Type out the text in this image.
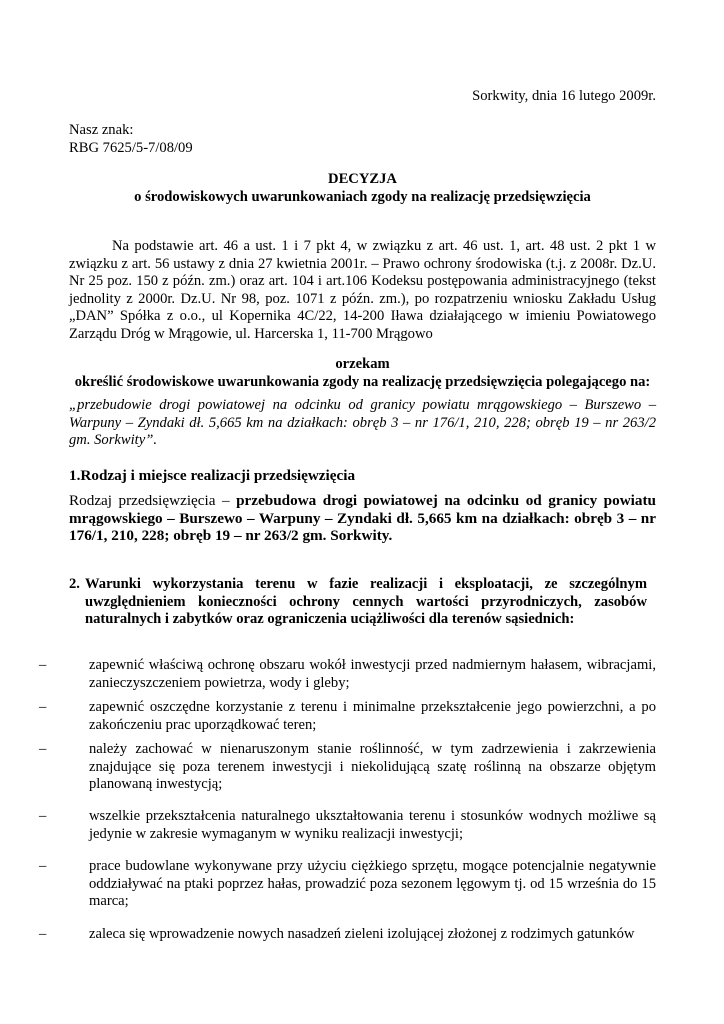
Sorkwity, dnia 16 lutego 2009r.
Nasz znak:
RBG 7625/5-7/08/09
DECYZJA
o środowiskowych uwarunkowaniach zgody na realizację przedsięwzięcia
Na podstawie art. 46 a ust. 1 i 7 pkt 4, w związku z art. 46 ust. 1, art. 48 ust. 2 pkt 1 w związku z art. 56 ustawy z dnia 27 kwietnia 2001r. – Prawo ochrony środowiska (t.j. z 2008r. Dz.U. Nr 25 poz. 150 z późn. zm.) oraz art. 104 i art.106 Kodeksu postępowania administracyjnego (tekst jednolity z 2000r. Dz.U. Nr 98, poz. 1071 z późn. zm.), po rozpatrzeniu wniosku Zakładu Usług „DAN” Spółka z o.o., ul Kopernika 4C/22, 14-200 Iława działającego w imieniu Powiatowego Zarządu Dróg w Mrągowie, ul. Harcerska 1, 11-700 Mrągowo
orzekam
określić środowiskowe uwarunkowania zgody na realizację przedsięwzięcia polegającego na:
„przebudowie drogi powiatowej na odcinku od granicy powiatu mrągowskiego – Burszewo – Warpuny – Zyndaki dł. 5,665 km na działkach: obręb 3 – nr 176/1, 210, 228; obręb 19 – nr 263/2 gm. Sorkwity”.
1.Rodzaj i miejsce realizacji przedsięwzięcia
Rodzaj przedsięwzięcia – przebudowa drogi powiatowej na odcinku od granicy powiatu mrągowskiego – Burszewo – Warpuny – Zyndaki dł. 5,665 km na działkach: obręb 3 – nr 176/1, 210, 228; obręb 19 – nr 263/2 gm. Sorkwity.
2. Warunki wykorzystania terenu w fazie realizacji i eksploatacji, ze szczególnym uwzględnieniem konieczności ochrony cennych wartości przyrodniczych, zasobów naturalnych i zabytków oraz ograniczenia uciążliwości dla terenów sąsiednich:
–	zapewnić właściwą ochronę obszaru wokół inwestycji przed nadmiernym hałasem, wibracjami, zanieczyszczeniem powietrza, wody i gleby;
–	zapewnić oszczędne korzystanie z terenu i minimalne przekształcenie jego powierzchni, a po zakończeniu prac uporządkować teren;
–	należy zachować w nienaruszonym stanie roślinność, w tym zadrzewienia i zakrzewienia znajdujące się poza terenem inwestycji i niekolidującą szatę roślinną na obszarze objętym planowaną inwestycją;
–	wszelkie przekształcenia naturalnego ukształtowania terenu i stosunków wodnych możliwe są jedynie w zakresie wymaganym w wyniku realizacji inwestycji;
–	prace budowlane wykonywane przy użyciu ciężkiego sprzętu, mogące potencjalnie negatywnie oddziaływać na ptaki poprzez hałas, prowadzić poza sezonem lęgowym tj. od 15 września do 15 marca;
–	zaleca się wprowadzenie nowych nasadzeń zieleni izolującej złożonej z rodzimych gatunków
